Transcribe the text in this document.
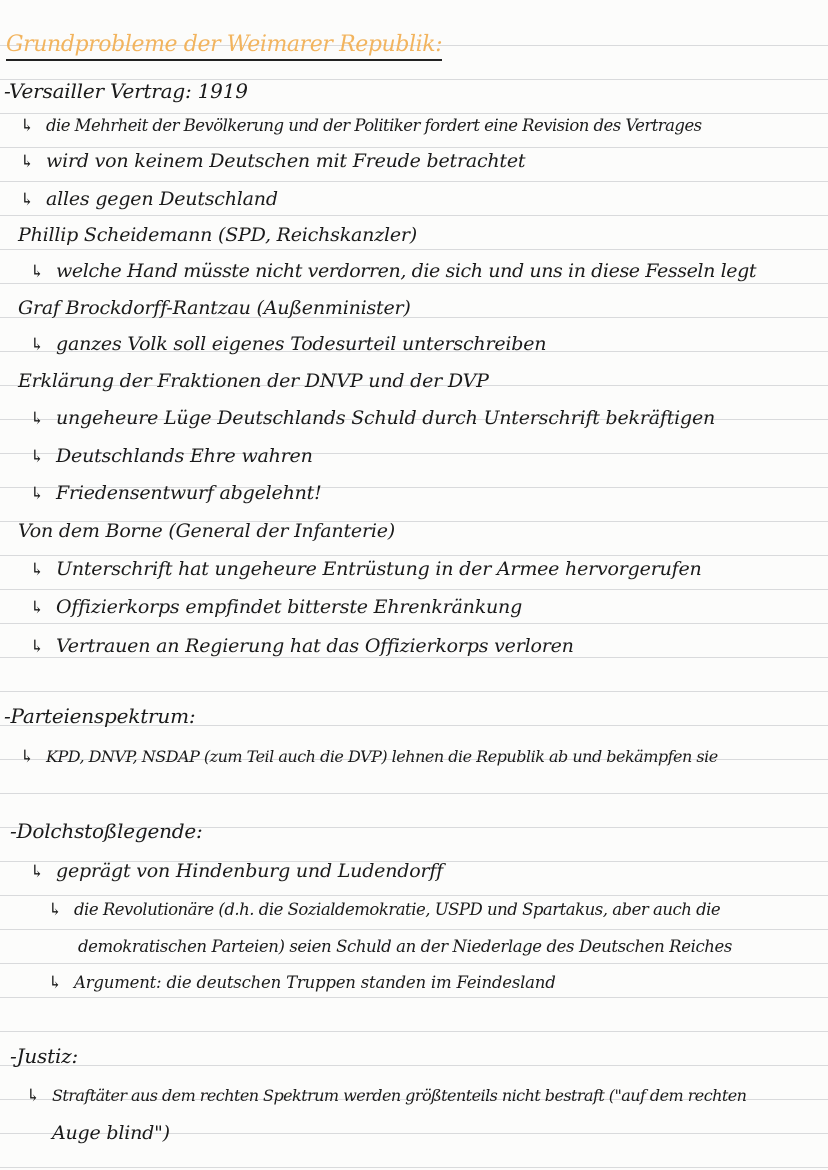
Grundprobleme der Weimarer Republik:
-Versailler Vertrag: 1919
↳ die Mehrheit der Bevölkerung und der Politiker fordert eine Revision des Vertrages
↳ wird von keinem Deutschen mit Freude betrachtet
↳ alles gegen Deutschland
Phillip Scheidemann (SPD, Reichskanzler)
↳ welche Hand müsste nicht verdorren, die sich und uns in diese Fesseln legt
Graf Brockdorff-Rantzau (Außenminister)
↳ ganzes Volk soll eigenes Todesurteil unterschreiben
Erklärung der Fraktionen der DNVP und der DVP
↳ ungeheure Lüge Deutschlands Schuld durch Unterschrift bekräftigen
↳ Deutschlands Ehre wahren
↳ Friedensentwurf abgelehnt!
Von dem Borne (General der Infanterie)
↳ Unterschrift hat ungeheure Entrüstung in der Armee hervorgerufen
↳ Offizierkorps empfindet bitterste Ehrenkränkung
↳ Vertrauen an Regierung hat das Offizierkorps verloren
-Parteienspektrum:
↳ KPD, DNVP, NSDAP (zum Teil auch die DVP) lehnen die Republik ab und bekämpfen sie
-Dolchstoßlegende:
↳ geprägt von Hindenburg und Ludendorff
↳ die Revolutionäre (d.h. die Sozialdemokratie, USPD und Spartakus, aber auch die
demokratischen Parteien) seien Schuld an der Niederlage des Deutschen Reiches
↳ Argument: die deutschen Truppen standen im Feindesland
-Justiz:
↳ Straftäter aus dem rechten Spektrum werden größtenteils nicht bestraft ("auf dem rechten
Auge blind")
